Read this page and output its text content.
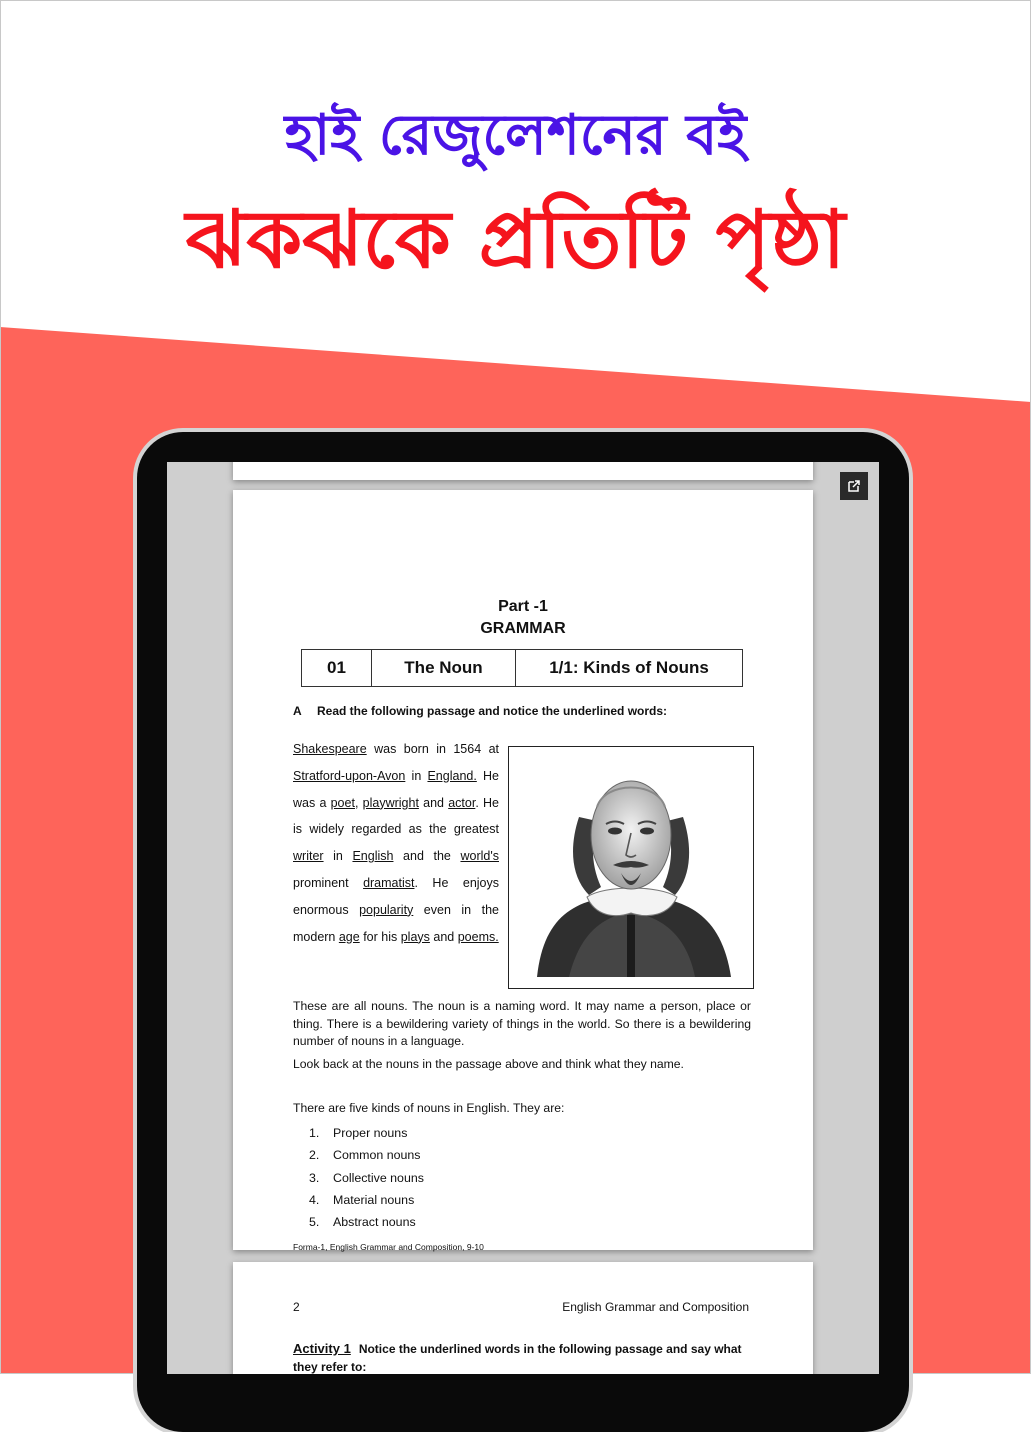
হাই রেজুলেশনের বই
ঝকঝকে প্রতিটি পৃষ্ঠা
Part -1
GRAMMAR
01	The Noun	1/1: Kinds of Nouns
A Read the following passage and notice the underlined words:
Shakespeare was born in 1564 at Stratford-upon-Avon in England. He was a poet, playwright and actor. He is widely regarded as the greatest writer in English and the world's prominent dramatist. He enjoys enormous popularity even in the modern age for his plays and poems.
These are all nouns. The noun is a naming word. It may name a person, place or thing. There is a bewildering variety of things in the world. So there is a bewildering number of nouns in a language.
Look back at the nouns in the passage above and think what they name.
There are five kinds of nouns in English. They are:
1. Proper nouns
2. Common nouns
3. Collective nouns
4. Material nouns
5. Abstract nouns
Forma-1, English Grammar and Composition, 9-10
2	English Grammar and Composition
Activity 1 Notice the underlined words in the following passage and say what they refer to:
